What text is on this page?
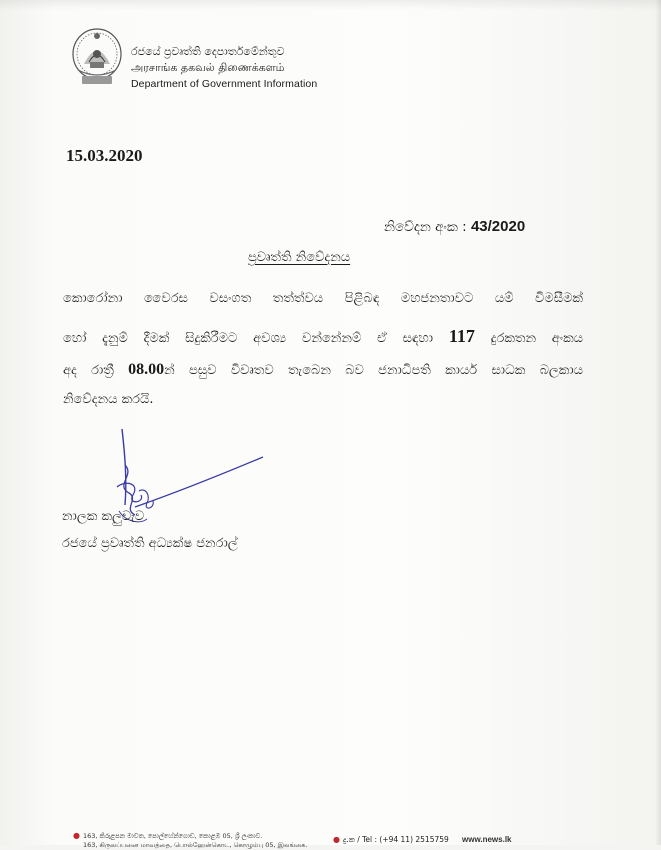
රජයේ ප්‍රවෘත්ති දෙපාර්තමේන්තුව
அரசாங்க தகவல் திணைக்களம்
Department of Government Information
15.03.2020
නිවේදන අංක : 43/2020
ප්‍රවෘත්ති නිවේදනය
කොරෝනා වෛරස වසංගත තත්ත්වය පිළිබඳ මහජනතාවට යම් විමසීමක්
හෝ දැනුම් දීමක් සිදුකිරීමට අවශ්‍ය වන්නේනම් ඒ සඳහා 117 දුරකතන අංකය
අද රාත්‍රී 08.00න් පසුව විවෘතව තැබෙන බව ජනාධිපති කාර්ය සාධක බලකාය
නිවේදනය කරයි.
නාලක කලුවැව
රජයේ ප්‍රවෘත්ති අධ්‍යක්ෂ ජනරාල්
● 163, කිරුළපන මාවත, පොල්හේන්ගොඩ, කොළඹ 05, ශ්‍රී ලංකාව.
163, கிருலப்பனை மாவத்தை, பொல்ஹேன்கொட, கொழும்பு 05, இலங்கை.
● දු.ක / Tel : (+94 11) 2515759 www.news.lk
